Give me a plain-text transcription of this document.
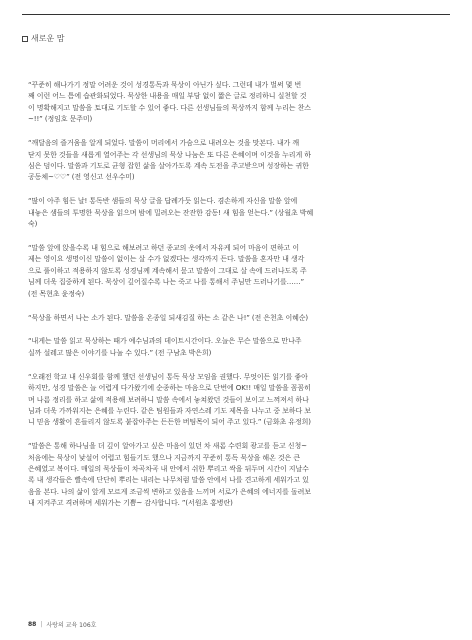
새로운 맘

“꾸준히 해나가기 정말 어려운 것이 성경통독과 묵상이 아닌가 싶다. 그런데 내가 벌써 몇 번
째 이런 어느 틈에 습관화되었다. 묵상한 내용을 매일 부담 없이 짧은 글로 정리하니 실천할 것
이 명확해지고 말씀을 토대로 기도할 수 있어 좋다. 다른 선생님들의 묵상까지 함께 누리는 찬스
~!!” (정임호 문주미)

“깨달음의 즐거움을 알게 되었다. 말씀이 머리에서 가슴으로 내려오는 것을 맛본다. 내가 깨
닫지 못한 것들을 새롭게 열어주는 각 선생님의 묵상 나눔은 또 다른 은혜이며 이것을 누리게 하
심은 덤이다. 말씀과 기도로 균형 잡힌 삶을 살아가도록 계속 도전을 주고받으며 성장하는 귀한
공동체~♡♡” (전 영신고 선우수미)

“많이 아주 힘든 날! 통독반 샘들의 묵상 글을 답례가듯 읽는다. 겸손하게 자신을 말씀 앞에
내놓은 샘들의 투명한 묵상을 읽으며 밤에 밀려오는 잔잔한 감동! 새 힘을 얻는다.” (상월초 박혜
숙)

“말씀 앞에 앉을수록 내 힘으로 해보려고 하던 종교의 옷에서 자유케 되어 마음이 편하고 이
제는 영이요 생명이신 말씀이 없이는 살 수가 없겠다는 생각까지 든다. 말씀을 혼자만 내 생각
으로 풀이하고 적용하지 않도록 성경님께 계속해서 묻고 말씀이 그대로 살 속에 드러나도록 주
님께 더욱 집중하게 된다. 묵상이 깊어질수록 나는 죽고 나를 통해서 주님만 드러나기를……”
(전 목현초 윤정숙)

“묵상을 하면서 나는 소가 된다. 말씀을 온종일 되새김질 하는 소 같은 나!” (전 은천초 이혜순)

“내게는 말씀 읽고 묵상하는 때가 예수님과의 데이트시간이다. 오늘은 무슨 말씀으로 만나주
실까 설레고 많은 이야기를 나눌 수 있다.” (전 구남초 박은희)

“오래전 학교 내 신우회를 함께 했던 선생님이 통독 묵상 모임을 권했다. 무엇이든 읽기를 좋아
하지만, 성경 말씀은 늘 어렵게 다가왔기에 순종하는 마음으로 단번에 OK!! 매일 말씀을 꼼꼼히
며 나름 정리를 하고 삶에 적용해 보려하니 말씀 속에서 놓쳐왔던 것들이 보이고 느껴져서 하나
님과 더욱 가까워지는 은혜를 누린다. 같은 팀원들과 자연스레 기도 제목을 나누고 중 보하다 보
니 믿음 생활이 흔들리지 않도록 붙잡아주는 든든한 버팀목이 되어 주고 있다.” (금화초 유정희)

“말씀은 통해 하나님을 더 깊이 알아가고 싶은 마음이 있던 차 새롬 수련회 광고를 듣고 신청~
처음에는 묵상이 낯설어 어렵고 힘들기도 했으나 지금까지 꾸준히 통독 묵상을 해온 것은 큰
은혜였고 복이다. 매일의 묵상들이 차곡차곡 내 안에서 쉬한 뿌리고 싹을 뒤두며 시간이 지날수
록 내 생각들은 빨속에 단단히 뿌리는 내리는 나무처럼 말씀 안에서 나를 견고하게 세워가고 있
음을 본다. 나의 삶이 앞게 모르게 조금씩 변하고 있음을 느끼며 서로가 은혜의 에너지를 돌려보
내 지켜주고 격려하며 세워가는 기쁨~ 감사합니다. ”(서원초 홍병란)

88 | 사랑의 교육 106호
